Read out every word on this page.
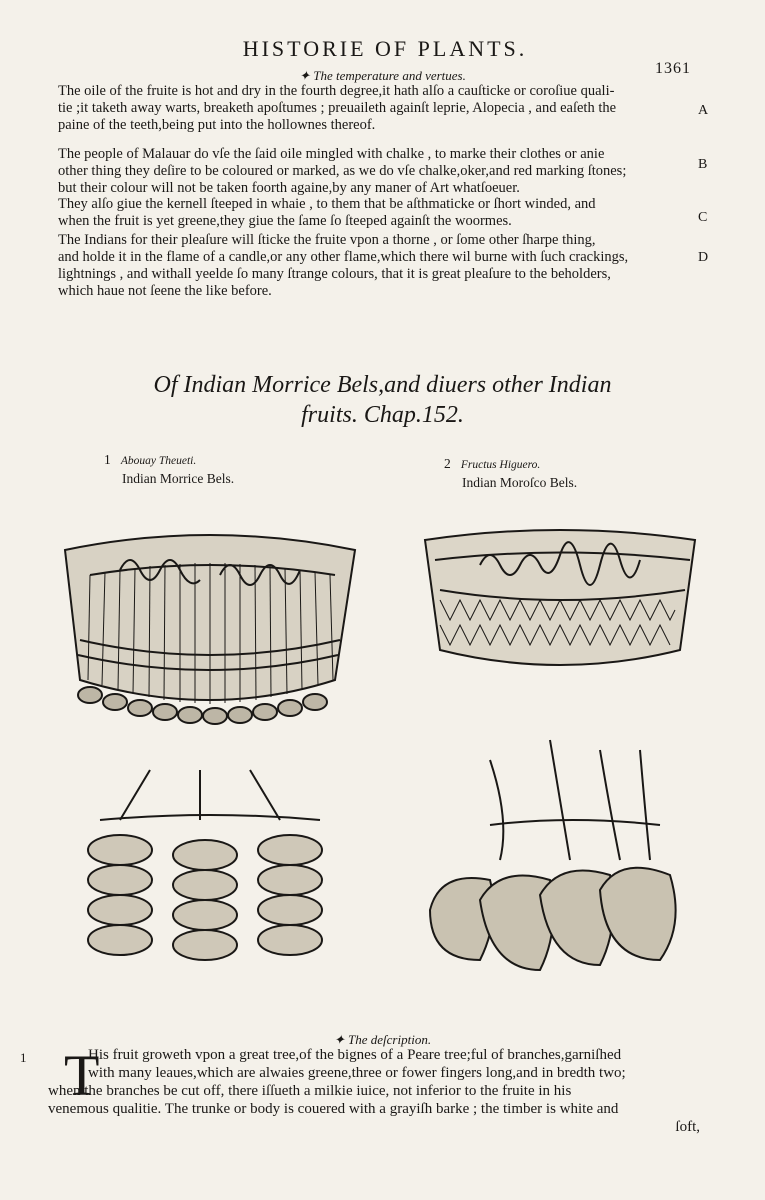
HISTORIE OF PLANTS.
1361
✦ The temperature and vertues.
The oile of the fruite is hot and dry in the fourth degree,it hath alſo a cauſticke or coroſiue quali-
tie ;it taketh away warts, breaketh apoſtumes ; preuaileth againſt leprie, Alopecia , and eaſeth the
paine of the teeth,being put into the hollownes thereof.
The people of Malauar do vſe the ſaid oile mingled with chalke , to marke their clothes or anie
other thing they deſire to be coloured or marked, as we do vſe chalke,oker,and red marking ſtones;
but their colour will not be taken foorth againe,by any maner of Art whatſoeuer.
They alſo giue the kernell ſteeped in whaie , to them that be aſthmaticke or ſhort winded, and
when the fruit is yet greene,they giue the ſame ſo ſteeped againſt the woormes.
The Indians for their pleaſure will ſticke the fruite vpon a thorne , or ſome other ſharpe thing,
and holde it in the flame of a candle,or any other flame,which there wil burne with ſuch crackings,
lightnings , and withall yeelde ſo many ſtrange colours, that it is great pleaſure to the beholders,
which haue not ſeene the like before.
A
B
C
D
Of Indian Morrice Bels,and diuers other Indian
fruits. Chap.152.
1 Abouay Theueti.
Indian Morrice Bels.
2 Fructus Higuero.
Indian Moroſco Bels.
✦ The deſcription.
1 T
His fruit groweth vpon a great tree,of the bignes of a Peare tree;ful of branches,garniſhed
with many leaues,which are alwaies greene,three or fower fingers long,and in bredth two;
when the branches be cut off, there iſſueth a milkie iuice, not inferior to the fruite in his
venemous qualitie. The trunke or body is couered with a grayiſh barke ; the timber is white and
ſoft,
